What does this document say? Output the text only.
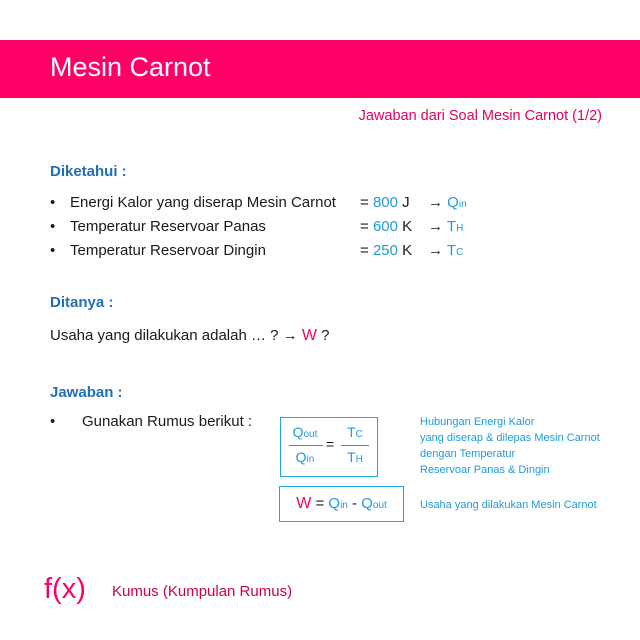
Mesin Carnot
Jawaban dari Soal Mesin Carnot (1/2)
Diketahui :
• Energi Kalor yang diserap Mesin Carnot = 800 J → Qin
• Temperatur Reservoar Panas	= 600 K → TH
• Temperatur Reservoar Dingin	= 250 K → TC
Ditanya :
Usaha yang dilakukan adalah … ? → W ?
Jawaban :
• Gunakan Rumus berikut :
Qout
Qin
=
TC
TH
W = Qin - Qout
Hubungan Energi Kalor
yang diserap & dilepas Mesin Carnot
dengan Temperatur
Reservoar Panas & Dingin
Usaha yang dilakukan Mesin Carnot
f(x) Kumus (Kumpulan Rumus)
